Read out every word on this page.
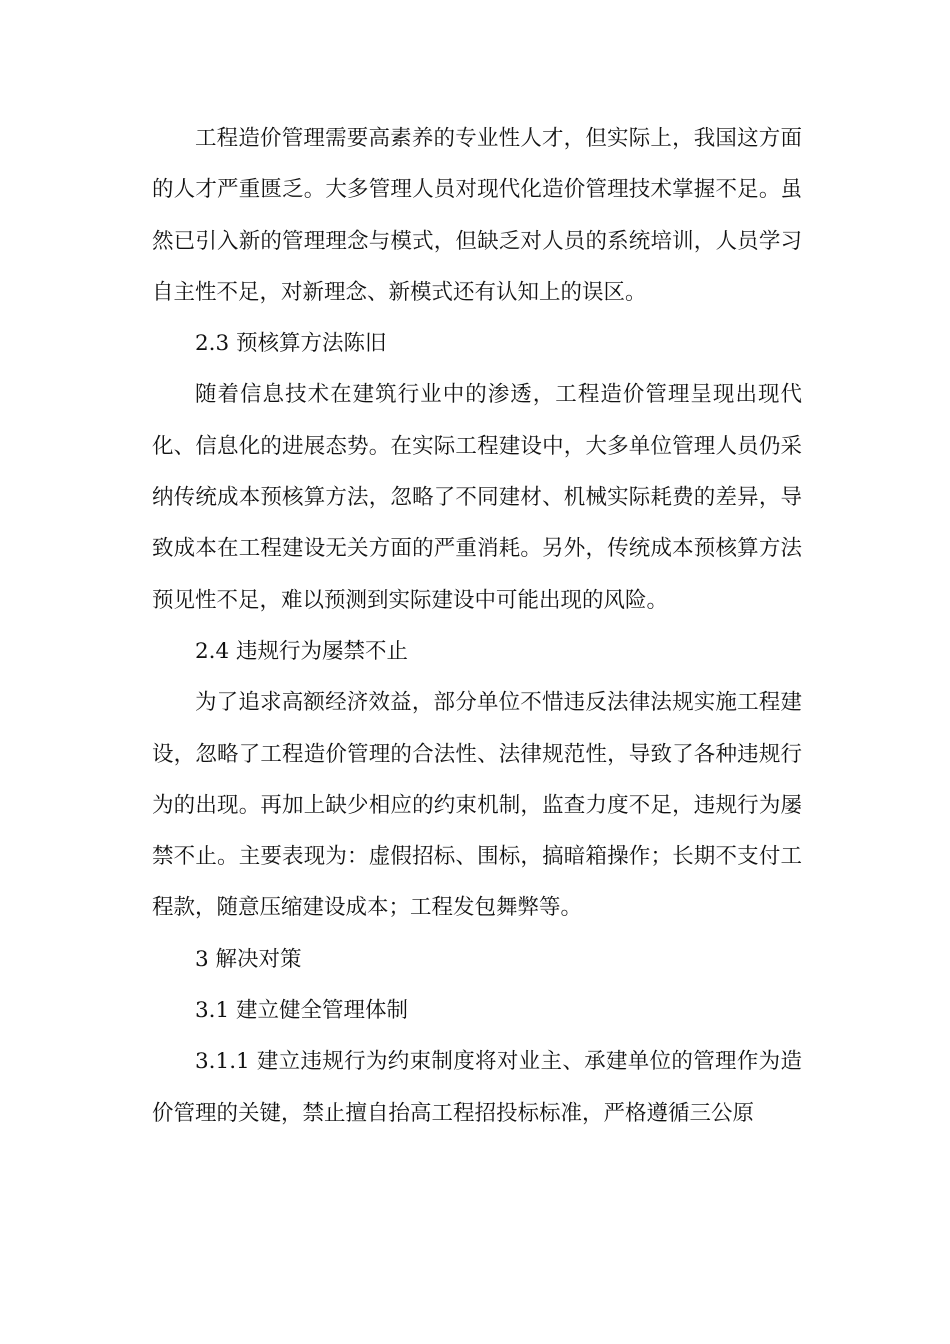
工程造价管理需要高素养的专业性人才，但实际上，我国这方面的人才严重匮乏。大多管理人员对现代化造价管理技术掌握不足。虽然已引入新的管理理念与模式，但缺乏对人员的系统培训，人员学习自主性不足，对新理念、新模式还有认知上的误区。

2.3 预核算方法陈旧

随着信息技术在建筑行业中的渗透，工程造价管理呈现出现代化、信息化的进展态势。在实际工程建设中，大多单位管理人员仍采纳传统成本预核算方法，忽略了不同建材、机械实际耗费的差异，导致成本在工程建设无关方面的严重消耗。另外，传统成本预核算方法预见性不足，难以预测到实际建设中可能出现的风险。

2.4 违规行为屡禁不止

为了追求高额经济效益，部分单位不惜违反法律法规实施工程建设，忽略了工程造价管理的合法性、法律规范性，导致了各种违规行为的出现。再加上缺少相应的约束机制，监查力度不足，违规行为屡禁不止。主要表现为：虚假招标、围标，搞暗箱操作；长期不支付工程款，随意压缩建设成本；工程发包舞弊等。

3 解决对策

3.1 建立健全管理体制

3.1.1 建立违规行为约束制度将对业主、承建单位的管理作为造价管理的关键，禁止擅自抬高工程招投标标准，严格遵循三公原
